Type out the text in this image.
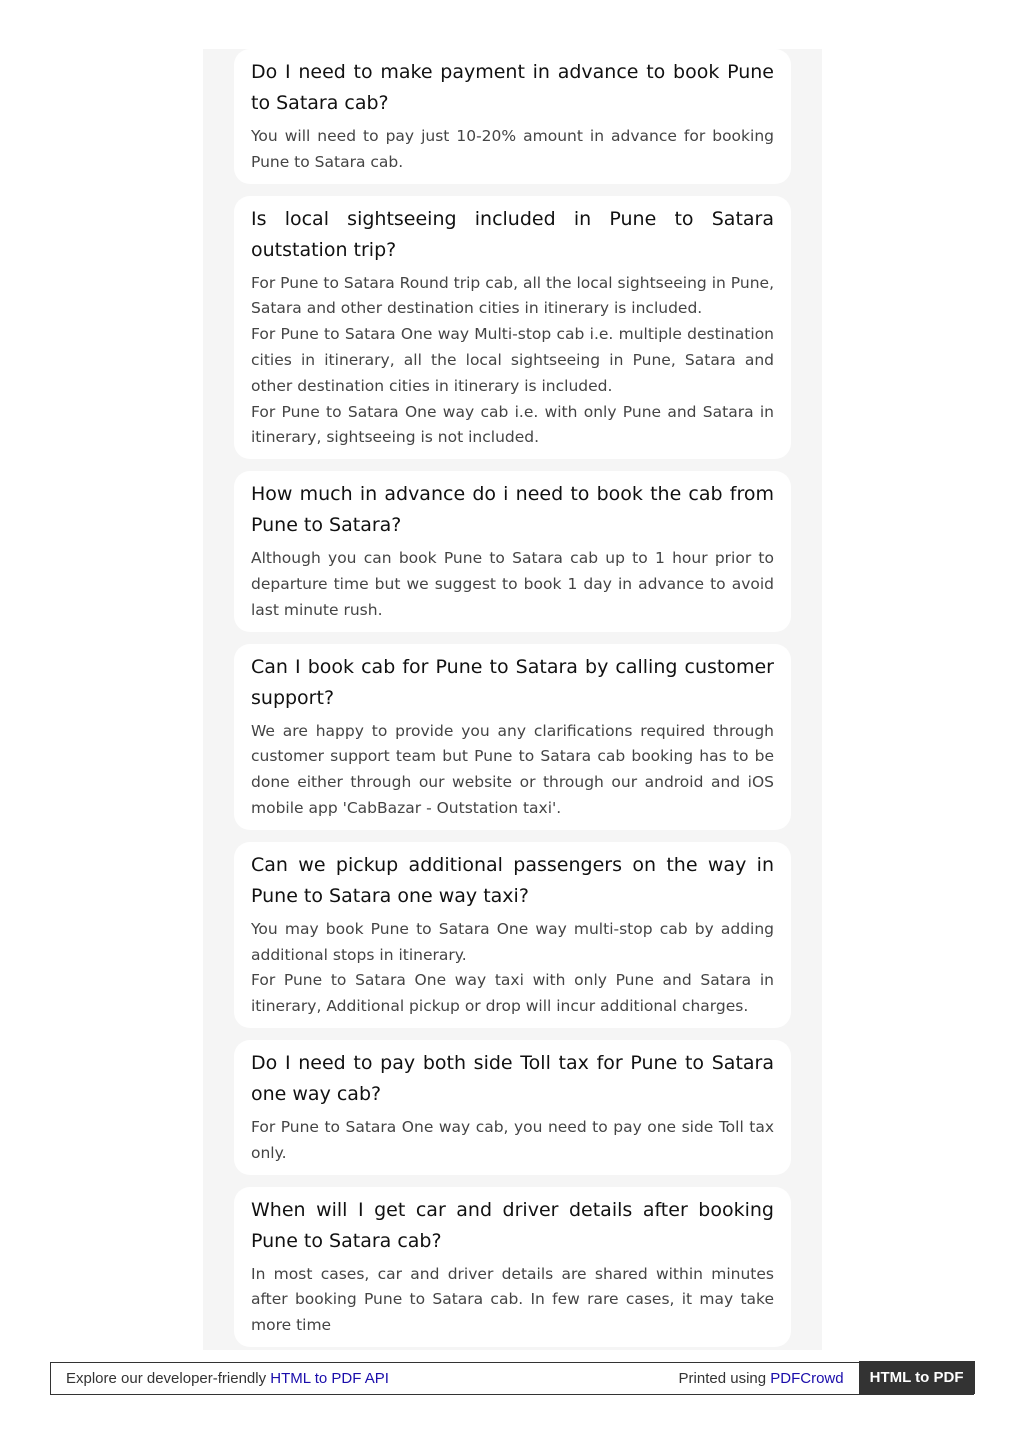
Do I need to make payment in advance to book Pune to Satara cab?

You will need to pay just 10-20% amount in advance for booking Pune to Satara cab.

Is local sightseeing included in Pune to Satara outstation trip?

For Pune to Satara Round trip cab, all the local sightseeing in Pune, Satara and other destination cities in itinerary is included.
For Pune to Satara One way Multi-stop cab i.e. multiple destination cities in itinerary, all the local sightseeing in Pune, Satara and other destination cities in itinerary is included.
For Pune to Satara One way cab i.e. with only Pune and Satara in itinerary, sightseeing is not included.

How much in advance do i need to book the cab from Pune to Satara?

Although you can book Pune to Satara cab up to 1 hour prior to departure time but we suggest to book 1 day in advance to avoid last minute rush.

Can I book cab for Pune to Satara by calling customer support?

We are happy to provide you any clarifications required through customer support team but Pune to Satara cab booking has to be done either through our website or through our android and iOS mobile app 'CabBazar - Outstation taxi'.

Can we pickup additional passengers on the way in Pune to Satara one way taxi?

You may book Pune to Satara One way multi-stop cab by adding additional stops in itinerary.
For Pune to Satara One way taxi with only Pune and Satara in itinerary, Additional pickup or drop will incur additional charges.

Do I need to pay both side Toll tax for Pune to Satara one way cab?

For Pune to Satara One way cab, you need to pay one side Toll tax only.

When will I get car and driver details after booking Pune to Satara cab?

In most cases, car and driver details are shared within minutes after booking Pune to Satara cab. In few rare cases, it may take more time

Explore our developer-friendly HTML to PDF API	Printed using PDFCrowd	HTML to PDF
